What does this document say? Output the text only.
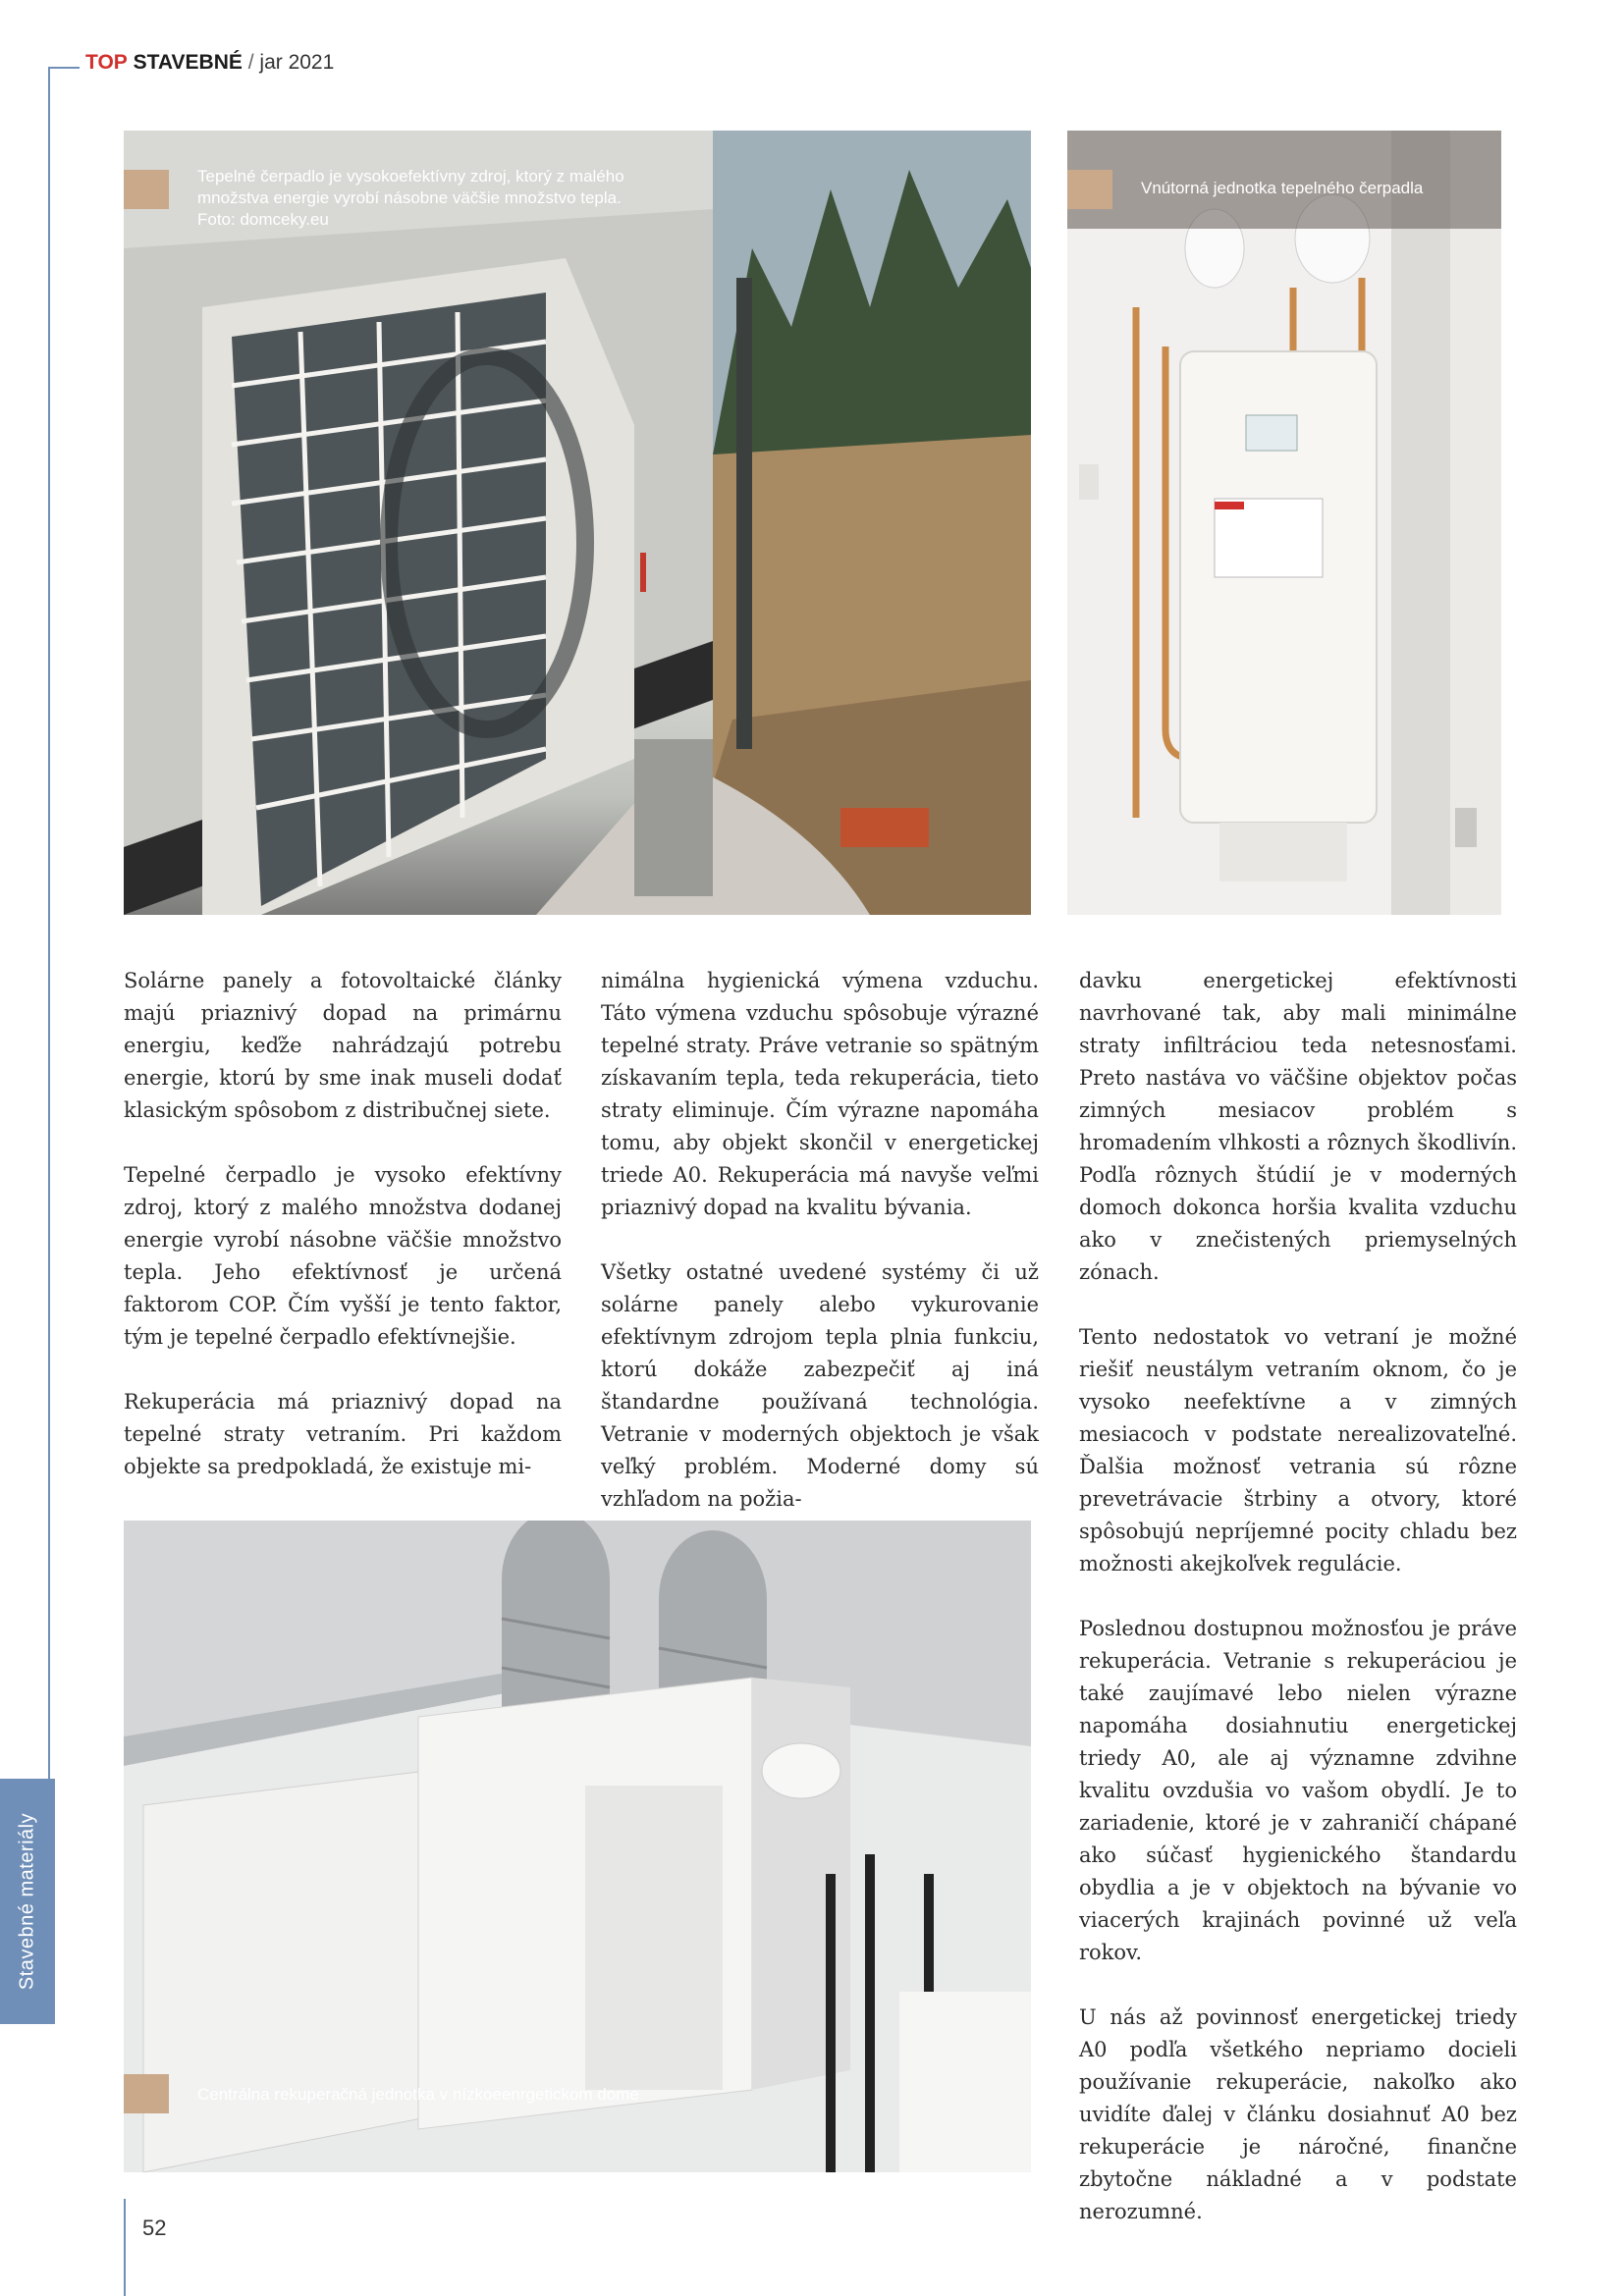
TOP STAVEBNÉ / jar 2021
Tepelné čerpadlo je vysokoefektívny zdroj, ktorý z malého množstva energie vyrobí násobne väčšie množstvo tepla. Foto: domceky.eu
Vnútorná jednotka tepelného čerpadla

Solárne panely a fotovoltaické články majú priaznivý dopad na primárnu energiu, keďže nahrádzajú potrebu energie, ktorú by sme inak museli dodať klasickým spôsobom z distribučnej siete.

Tepelné čerpadlo je vysoko efektívny zdroj, ktorý z malého množstva dodanej energie vyrobí násobne väčšie množstvo tepla. Jeho efektívnosť je určená faktorom COP. Čím vyšší je tento faktor, tým je tepelné čerpadlo efektívnejšie.

Rekuperácia má priaznivý dopad na tepelné straty vetraním. Pri každom objekte sa predpokladá, že existuje mi-

nimálna hygienická výmena vzduchu. Táto výmena vzduchu spôsobuje výrazné tepelné straty. Práve vetranie so spätným získavaním tepla, teda rekuperácia, tieto straty eliminuje. Čím výrazne napomáha tomu, aby objekt skončil v energetickej triede A0. Rekuperácia má navyše veľmi priaznivý dopad na kvalitu bývania.

Všetky ostatné uvedené systémy či už solárne panely alebo vykurovanie efektívnym zdrojom tepla plnia funkciu, ktorú dokáže zabezpečiť aj iná štandardne používaná technológia. Vetranie v moderných objektoch je však veľký problém. Moderné domy sú vzhľadom na požia-

davku energetickej efektívnosti navrhované tak, aby mali minimálne straty infiltráciou teda netesnosťami. Preto nastáva vo väčšine objektov počas zimných mesiacov problém s hromadením vlhkosti a rôznych škodlivín. Podľa rôznych štúdií je v moderných domoch dokonca horšia kvalita vzduchu ako v znečistených priemyselných zónach.

Tento nedostatok vo vetraní je možné riešiť neustálym vetraním oknom, čo je vysoko neefektívne a v zimných mesiacoch v podstate nerealizovateľné. Ďalšia možnosť vetrania sú rôzne prevetrávacie štrbiny a otvory, ktoré spôsobujú nepríjemné pocity chladu bez možnosti akejkoľvek regulácie.

Poslednou dostupnou možnosťou je práve rekuperácia. Vetranie s rekuperáciou je také zaujímavé lebo nielen výrazne napomáha dosiahnutiu energetickej triedy A0, ale aj významne zdvihne kvalitu ovzdušia vo vašom obydlí. Je to zariadenie, ktoré je v zahraničí chápané ako súčasť hygienického štandardu obydlia a je v objektoch na bývanie vo viacerých krajinách povinné už veľa rokov.

U nás až povinnosť energetickej triedy A0 podľa všetkého nepriamo docieli používanie rekuperácie, nakoľko ako uvidíte ďalej v článku dosiahnuť A0 bez rekuperácie je náročné, finančne zbytočne nákladné a v podstate nerozumné.

Centrálna rekuperačná jednotka v nízkoeenrgetickom dome
Stavebné materiály
52
